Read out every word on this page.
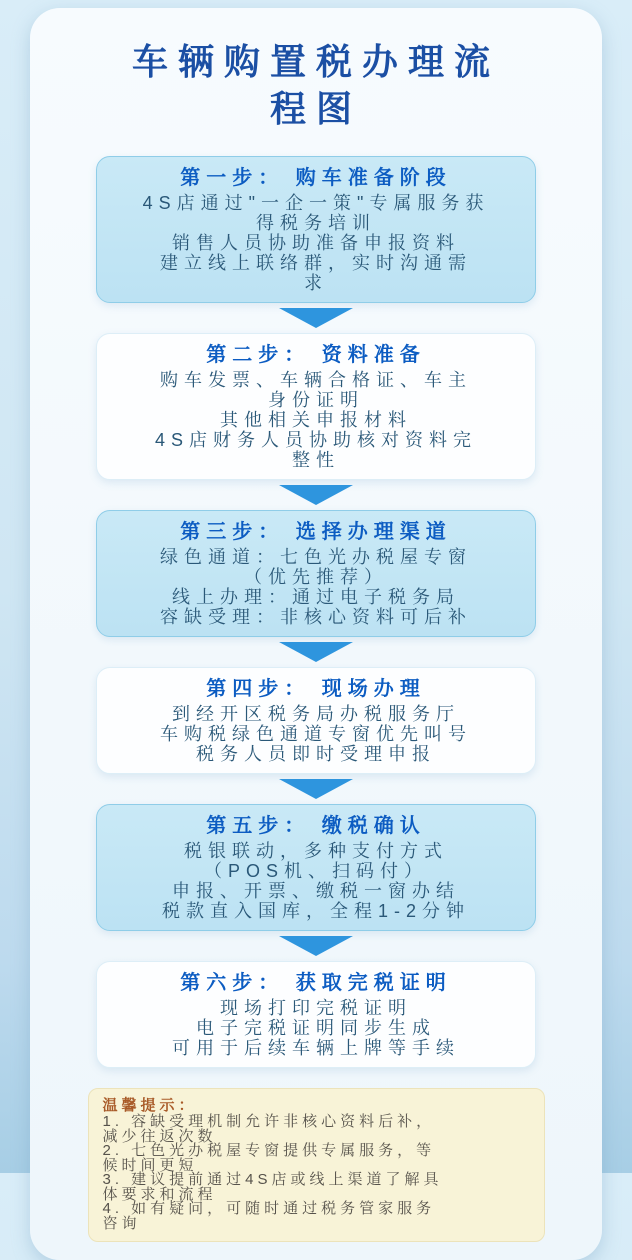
车辆购置税办理流程图
第一步： 购车准备阶段
4S店通过"一企一策"专属服务获
得税务培训
销售人员协助准备申报资料
建立线上联络群，实时沟通需
求
第二步： 资料准备
购车发票、车辆合格证、车主
身份证明
其他相关申报材料
4S店财务人员协助核对资料完
整性
第三步： 选择办理渠道
绿色通道：七色光办税屋专窗
（优先推荐）
线上办理：通过电子税务局
容缺受理：非核心资料可后补
第四步： 现场办理
到经开区税务局办税服务厅
车购税绿色通道专窗优先叫号
税务人员即时受理申报
第五步： 缴税确认
税银联动，多种支付方式
（POS机、扫码付）
申报、开票、缴税一窗办结
税款直入国库，全程1-2分钟
第六步： 获取完税证明
现场打印完税证明
电子完税证明同步生成
可用于后续车辆上牌等手续
温馨提示：
1. 容缺受理机制允许非核心资料后补，
减少往返次数
2. 七色光办税屋专窗提供专属服务，等
候时间更短
3. 建议提前通过4S店或线上渠道了解具
体要求和流程
4. 如有疑问，可随时通过税务管家服务
咨询
